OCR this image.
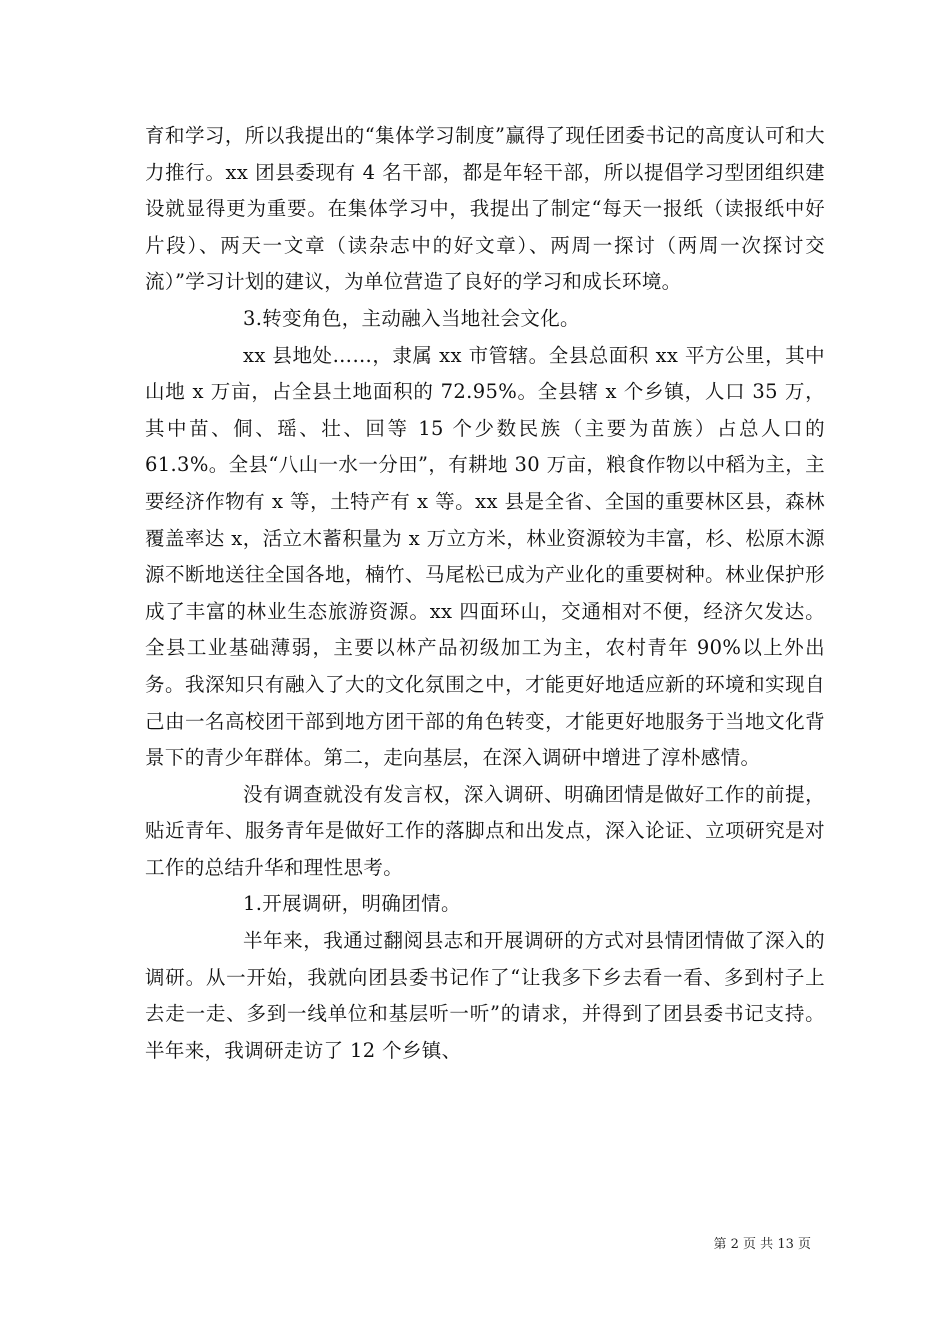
育和学习，所以我提出的“集体学习制度”赢得了现任团委书记的高度认可和大力推行。xx 团县委现有 4 名干部，都是年轻干部，所以提倡学习型团组织建设就显得更为重要。在集体学习中，我提出了制定“每天一报纸（读报纸中好片段）、两天一文章（读杂志中的好文章）、两周一探讨（两周一次探讨交流）”学习计划的建议，为单位营造了良好的学习和成长环境。

3.转变角色，主动融入当地社会文化。

xx 县地处……，隶属 xx 市管辖。全县总面积 xx 平方公里，其中山地 x 万亩，占全县土地面积的 72.95%。全县辖 x 个乡镇，人口 35 万，其中苗、侗、瑶、壮、回等 15 个少数民族（主要为苗族）占总人口的 61.3%。全县“八山一水一分田”，有耕地 30 万亩，粮食作物以中稻为主，主要经济作物有 x 等，土特产有 x 等。xx 县是全省、全国的重要林区县，森林覆盖率达 x，活立木蓄积量为 x 万立方米，林业资源较为丰富，杉、松原木源源不断地送往全国各地，楠竹、马尾松已成为产业化的重要树种。林业保护形成了丰富的林业生态旅游资源。xx 四面环山，交通相对不便，经济欠发达。全县工业基础薄弱，主要以林产品初级加工为主，农村青年 90%以上外出务。我深知只有融入了大的文化氛围之中，才能更好地适应新的环境和实现自己由一名高校团干部到地方团干部的角色转变，才能更好地服务于当地文化背景下的青少年群体。第二，走向基层，在深入调研中增进了淳朴感情。

没有调查就没有发言权，深入调研、明确团情是做好工作的前提，贴近青年、服务青年是做好工作的落脚点和出发点，深入论证、立项研究是对工作的总结升华和理性思考。

1.开展调研，明确团情。

半年来，我通过翻阅县志和开展调研的方式对县情团情做了深入的调研。从一开始，我就向团县委书记作了“让我多下乡去看一看、多到村子上去走一走、多到一线单位和基层听一听”的请求，并得到了团县委书记支持。半年来，我调研走访了 12 个乡镇、

第 2 页 共 13 页
